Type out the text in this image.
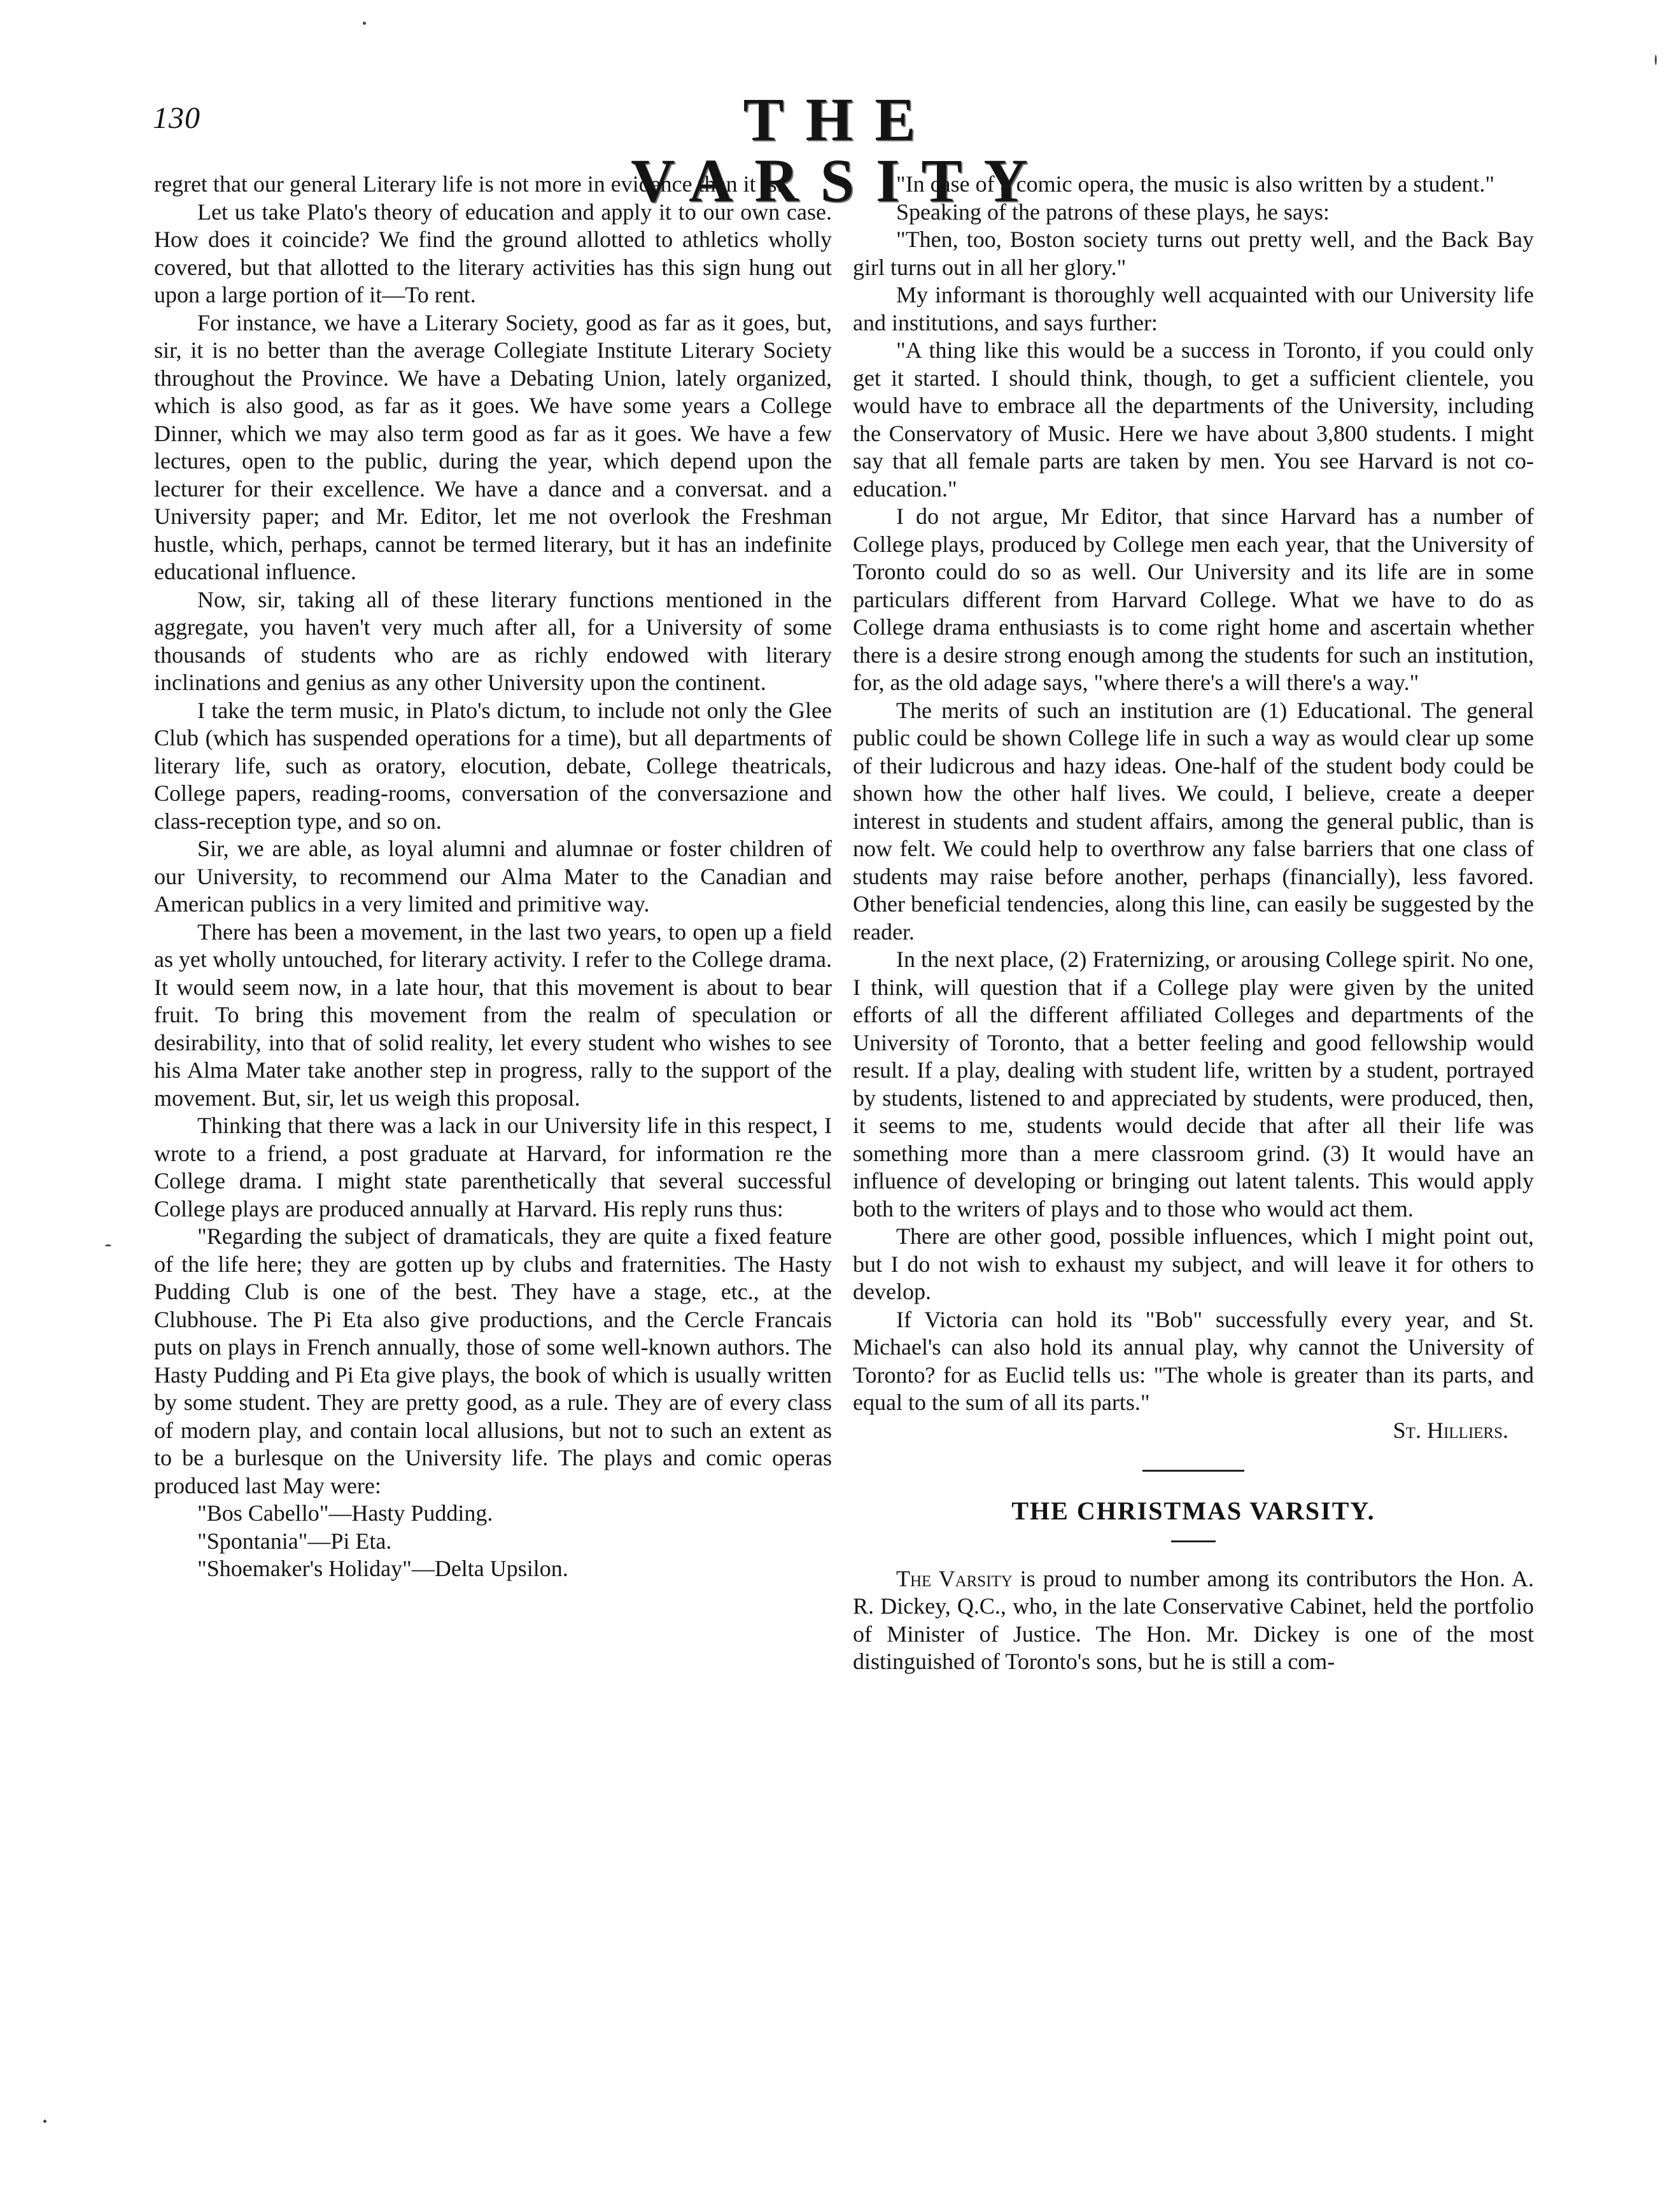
130	THE VARSITY

regret that our general Literary life is not more in evidence than it is.

Let us take Plato's theory of education and apply it to our own case. How does it coincide? We find the ground allotted to athletics wholly covered, but that allotted to the literary activities has this sign hung out upon a large portion of it—To rent.

For instance, we have a Literary Society, good as far as it goes, but, sir, it is no better than the average Collegiate Institute Literary Society throughout the Province. We have a Debating Union, lately organized, which is also good, as far as it goes. We have some years a College Dinner, which we may also term good as far as it goes. We have a few lectures, open to the public, during the year, which depend upon the lecturer for their excellence. We have a dance and a conversat. and a University paper; and Mr. Editor, let me not overlook the Freshman hustle, which, perhaps, cannot be termed literary, but it has an indefinite educational influence.

Now, sir, taking all of these literary functions mentioned in the aggregate, you haven't very much after all, for a University of some thousands of students who are as richly endowed with literary inclinations and genius as any other University upon the continent.

I take the term music, in Plato's dictum, to include not only the Glee Club (which has suspended operations for a time), but all departments of literary life, such as oratory, elocution, debate, College theatricals, College papers, reading-rooms, conversation of the conversazione and class-reception type, and so on.

Sir, we are able, as loyal alumni and alumnae or foster children of our University, to recommend our Alma Mater to the Canadian and American publics in a very limited and primitive way.

There has been a movement, in the last two years, to open up a field as yet wholly untouched, for literary activity. I refer to the College drama. It would seem now, in a late hour, that this movement is about to bear fruit. To bring this movement from the realm of speculation or desirability, into that of solid reality, let every student who wishes to see his Alma Mater take another step in progress, rally to the support of the movement. But, sir, let us weigh this proposal.

Thinking that there was a lack in our University life in this respect, I wrote to a friend, a post graduate at Harvard, for information re the College drama. I might state parenthetically that several successful College plays are produced annually at Harvard. His reply runs thus:

"Regarding the subject of dramaticals, they are quite a fixed feature of the life here; they are gotten up by clubs and fraternities. The Hasty Pudding Club is one of the best. They have a stage, etc., at the Clubhouse. The Pi Eta also give productions, and the Cercle Francais puts on plays in French annually, those of some well-known authors. The Hasty Pudding and Pi Eta give plays, the book of which is usually written by some student. They are pretty good, as a rule. They are of every class of modern play, and contain local allusions, but not to such an extent as to be a burlesque on the University life. The plays and comic operas produced last May were:

"Bos Cabello"—Hasty Pudding.

"Spontania"—Pi Eta.

"Shoemaker's Holiday"—Delta Upsilon.

"In case of a comic opera, the music is also written by a student."

Speaking of the patrons of these plays, he says:

"Then, too, Boston society turns out pretty well, and the Back Bay girl turns out in all her glory."

My informant is thoroughly well acquainted with our University life and institutions, and says further:

"A thing like this would be a success in Toronto, if you could only get it started. I should think, though, to get a sufficient clientele, you would have to embrace all the departments of the University, including the Conservatory of Music. Here we have about 3,800 students. I might say that all female parts are taken by men. You see Harvard is not co-education."

I do not argue, Mr Editor, that since Harvard has a number of College plays, produced by College men each year, that the University of Toronto could do so as well. Our University and its life are in some particulars different from Harvard College. What we have to do as College drama enthusiasts is to come right home and ascertain whether there is a desire strong enough among the students for such an institution, for, as the old adage says, "where there's a will there's a way."

The merits of such an institution are (1) Educational. The general public could be shown College life in such a way as would clear up some of their ludicrous and hazy ideas. One-half of the student body could be shown how the other half lives. We could, I believe, create a deeper interest in students and student affairs, among the general public, than is now felt. We could help to overthrow any false barriers that one class of students may raise before another, perhaps (financially), less favored. Other beneficial tendencies, along this line, can easily be suggested by the reader.

In the next place, (2) Fraternizing, or arousing College spirit. No one, I think, will question that if a College play were given by the united efforts of all the different affiliated Colleges and departments of the University of Toronto, that a better feeling and good fellowship would result. If a play, dealing with student life, written by a student, portrayed by students, listened to and appreciated by students, were produced, then, it seems to me, students would decide that after all their life was something more than a mere classroom grind. (3) It would have an influence of developing or bringing out latent talents. This would apply both to the writers of plays and to those who would act them.

There are other good, possible influences, which I might point out, but I do not wish to exhaust my subject, and will leave it for others to develop.

If Victoria can hold its "Bob" successfully every year, and St. Michael's can also hold its annual play, why cannot the University of Toronto? for as Euclid tells us: "The whole is greater than its parts, and equal to the sum of all its parts."

St. Hilliers.

THE CHRISTMAS VARSITY.

The Varsity is proud to number among its contributors the Hon. A. R. Dickey, Q.C., who, in the late Conservative Cabinet, held the portfolio of Minister of Justice. The Hon. Mr. Dickey is one of the most distinguished of Toronto's sons, but he is still a com-
